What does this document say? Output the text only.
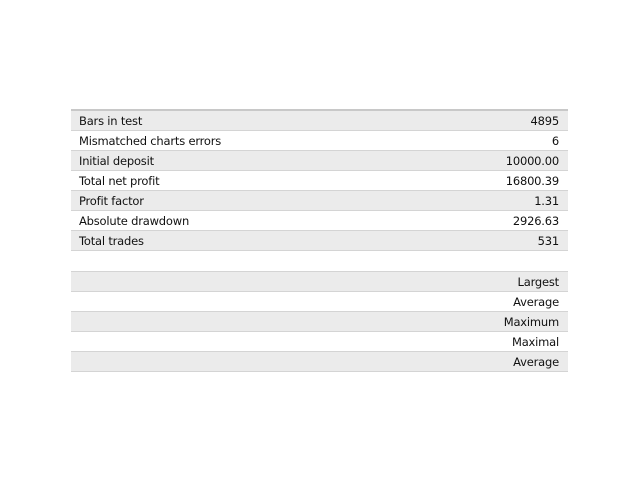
Bars in test	4895
Mismatched charts errors	6
Initial deposit	10000.00
Total net profit	16800.39
Profit factor	1.31
Absolute drawdown	2926.63
Total trades	531
Largest
Average
Maximum
Maximal
Average
